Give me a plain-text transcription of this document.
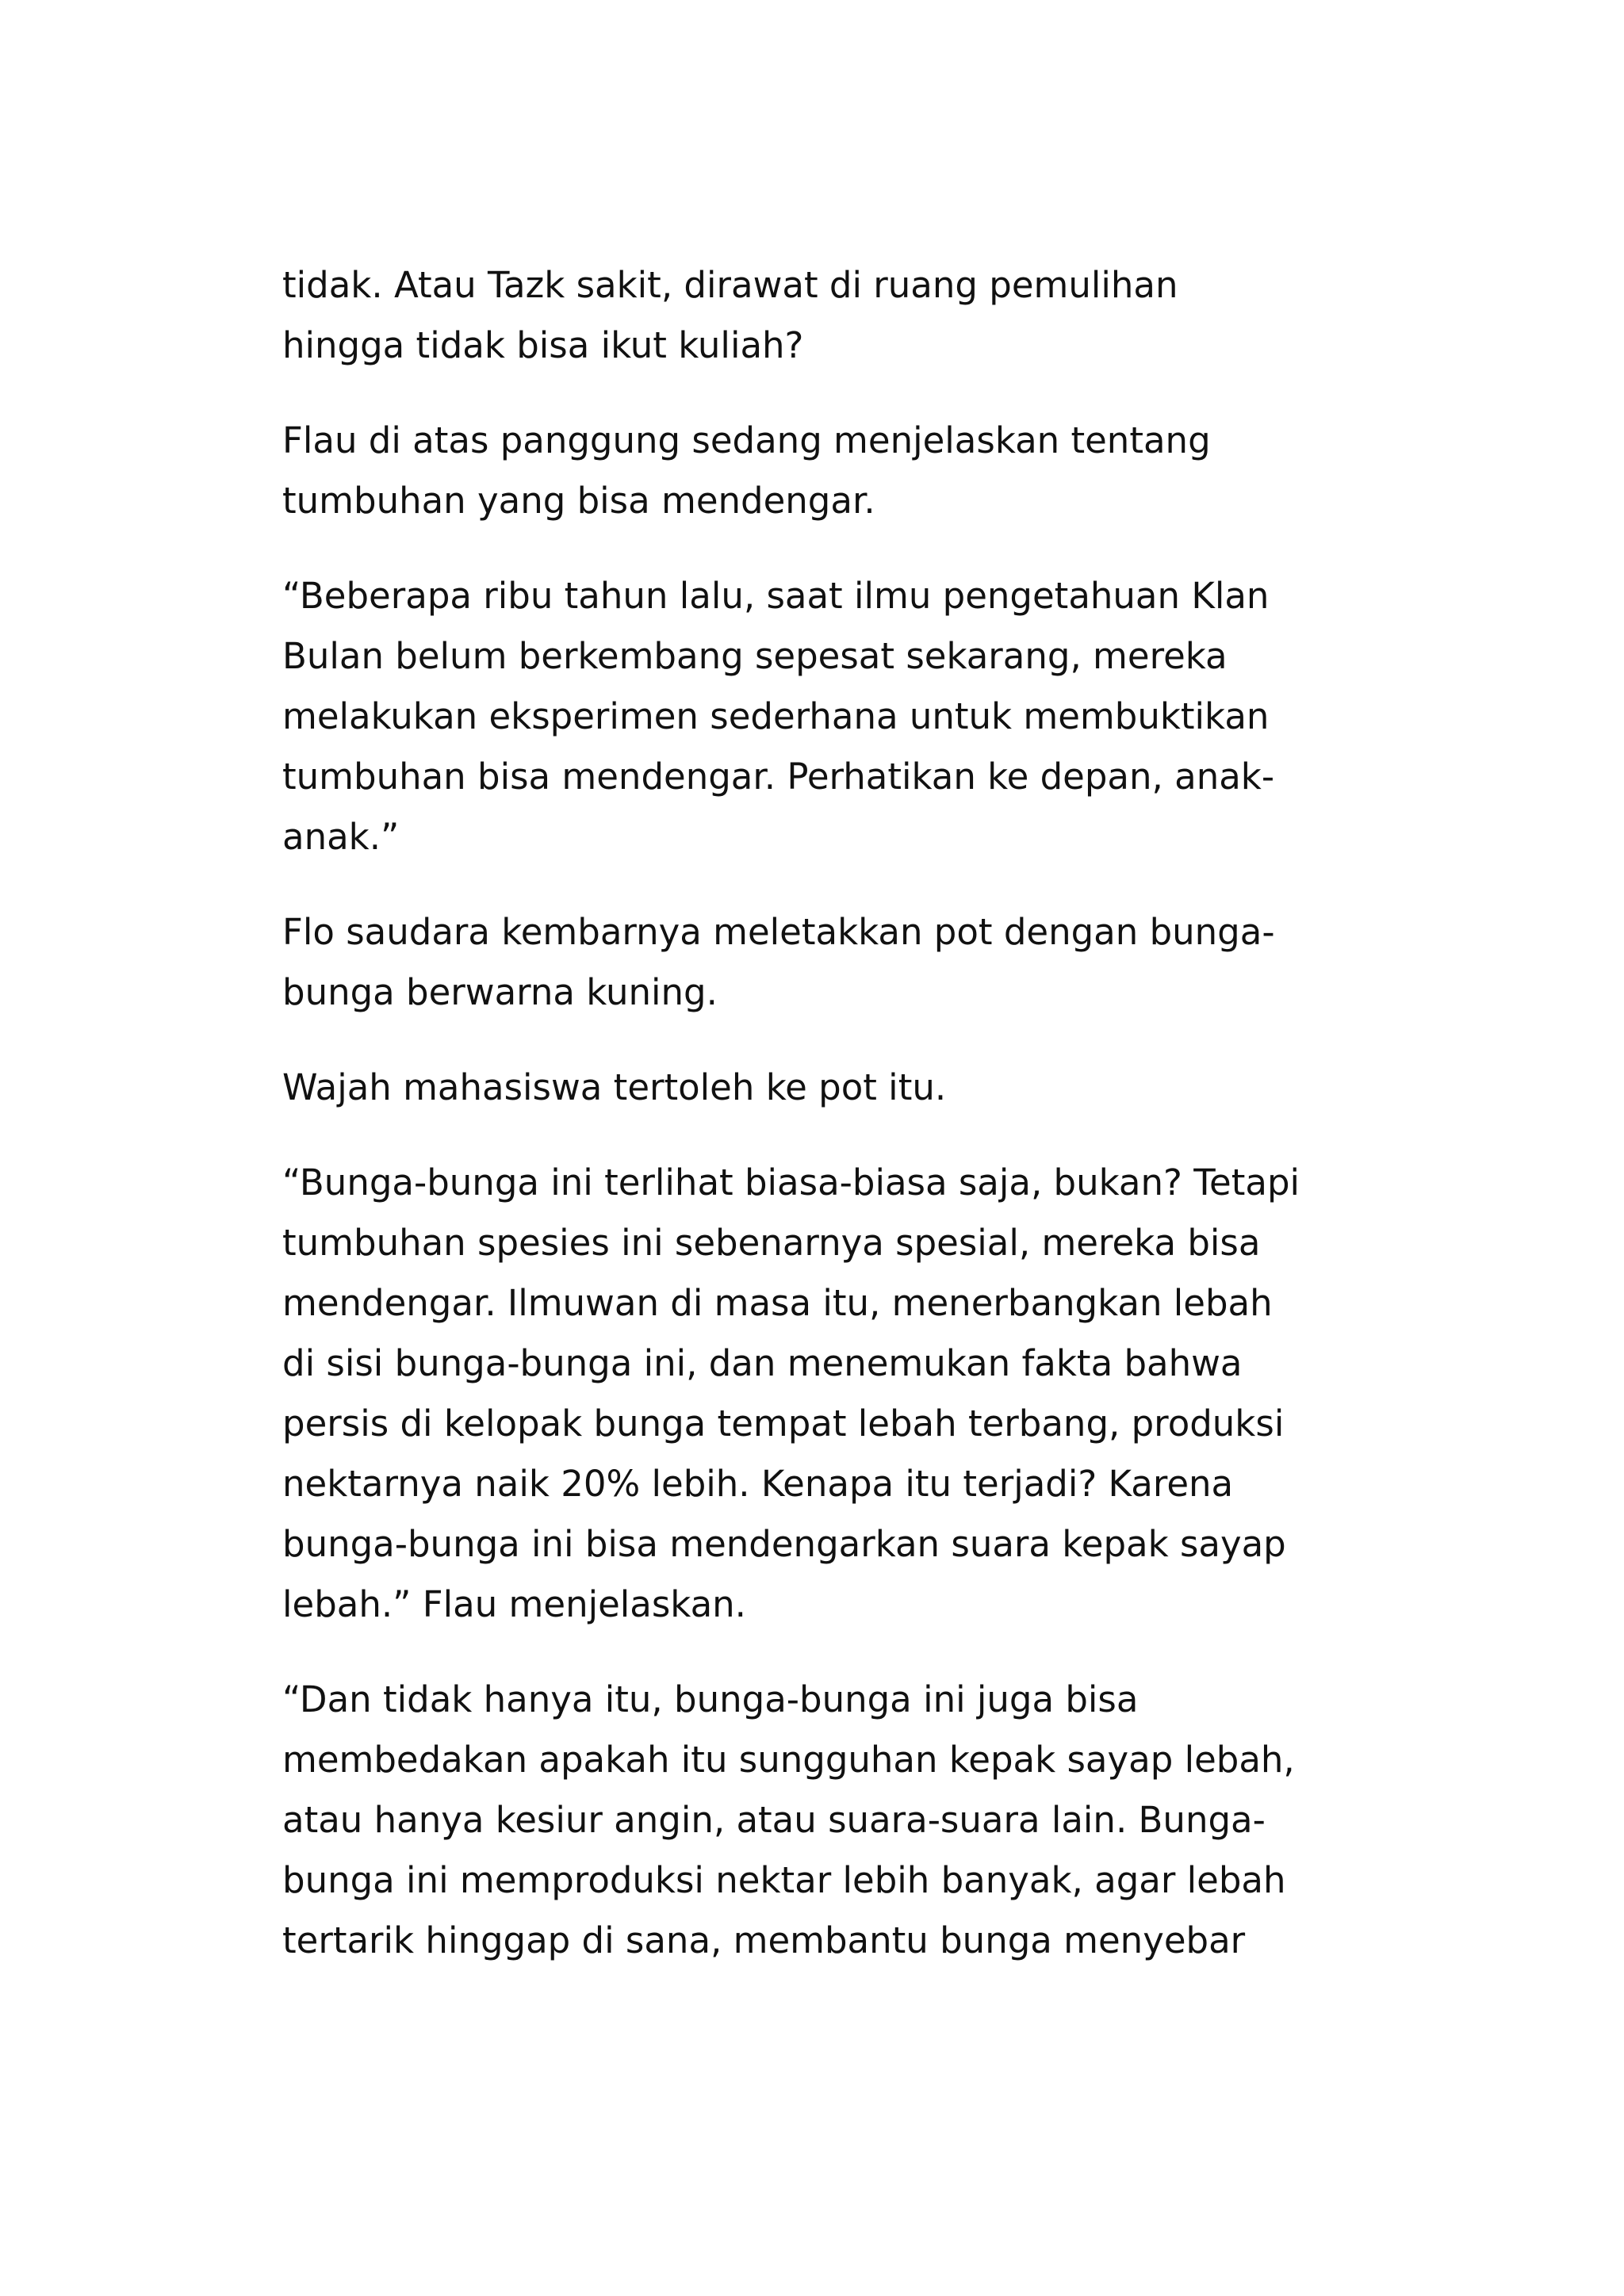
tidak. Atau Tazk sakit, dirawat di ruang pemulihan
hingga tidak bisa ikut kuliah?

Flau di atas panggung sedang menjelaskan tentang
tumbuhan yang bisa mendengar.

“Beberapa ribu tahun lalu, saat ilmu pengetahuan Klan
Bulan belum berkembang sepesat sekarang, mereka
melakukan eksperimen sederhana untuk membuktikan
tumbuhan bisa mendengar. Perhatikan ke depan, anak-
anak.”

Flo saudara kembarnya meletakkan pot dengan bunga-
bunga berwarna kuning.

Wajah mahasiswa tertoleh ke pot itu.

“Bunga-bunga ini terlihat biasa-biasa saja, bukan? Tetapi
tumbuhan spesies ini sebenarnya spesial, mereka bisa
mendengar. Ilmuwan di masa itu, menerbangkan lebah
di sisi bunga-bunga ini, dan menemukan fakta bahwa
persis di kelopak bunga tempat lebah terbang, produksi
nektarnya naik 20% lebih. Kenapa itu terjadi? Karena
bunga-bunga ini bisa mendengarkan suara kepak sayap
lebah.” Flau menjelaskan.

“Dan tidak hanya itu, bunga-bunga ini juga bisa
membedakan apakah itu sungguhan kepak sayap lebah,
atau hanya kesiur angin, atau suara-suara lain. Bunga-
bunga ini memproduksi nektar lebih banyak, agar lebah
tertarik hinggap di sana, membantu bunga menyebar
